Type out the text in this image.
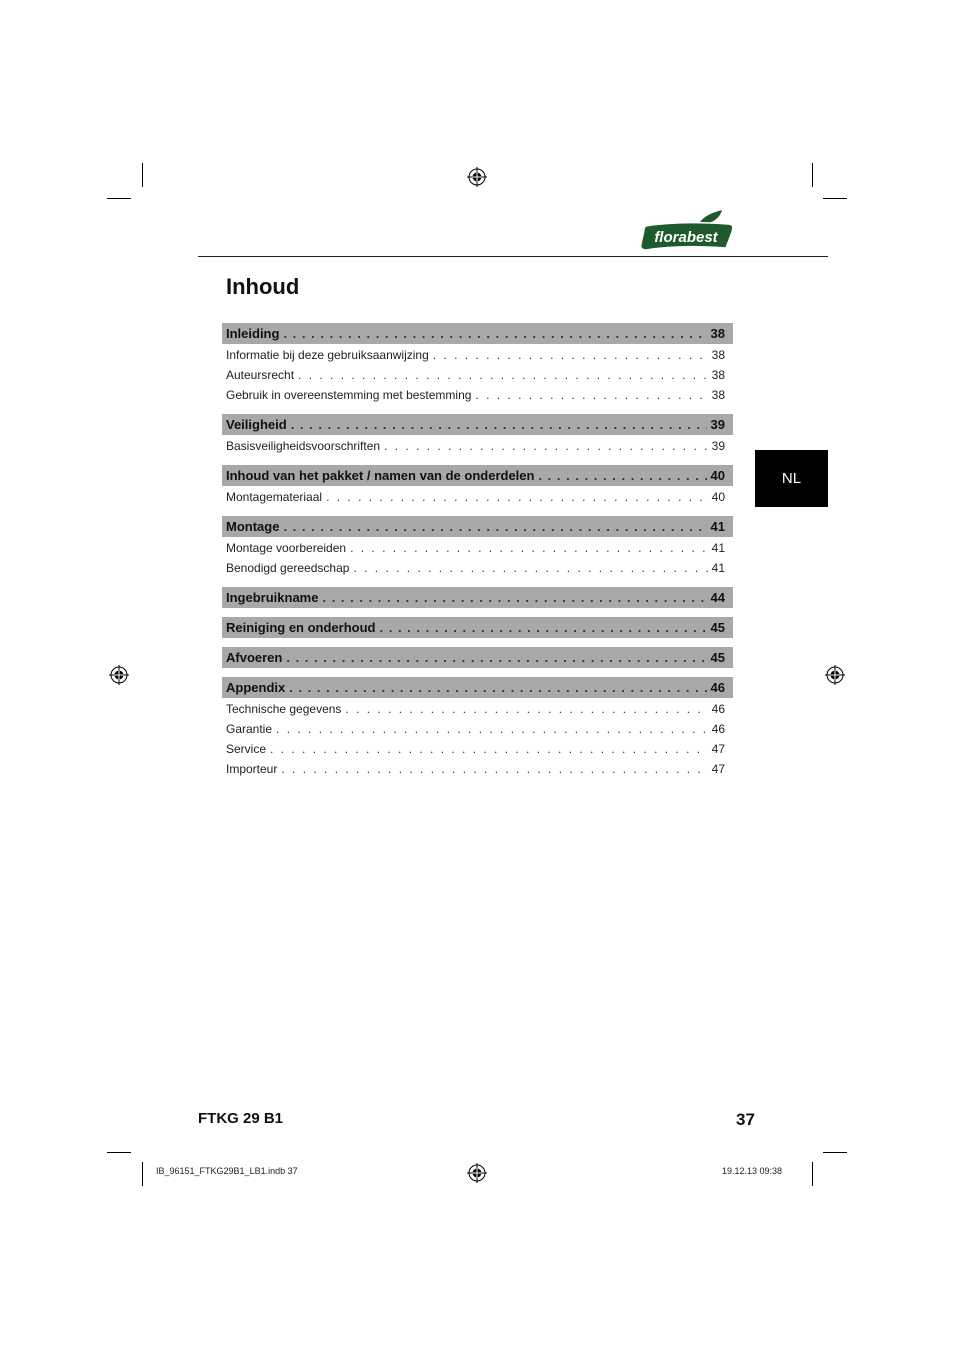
florabest
Inhoud
NL
Inleiding . . .	38
Informatie bij deze gebruiksaanwijzing . . .	38
Auteursrecht . . .	38
Gebruik in overeenstemming met bestemming . . .	38
Veiligheid . . .	39
Basisveiligheidsvoorschriften . . .	39
Inhoud van het pakket / namen van de onderdelen . . .	40
Montagemateriaal . . .	40
Montage . . .	41
Montage voorbereiden . . .	41
Benodigd gereedschap . . .	41
Ingebruikname . . .	44
Reiniging en onderhoud . . .	45
Afvoeren . . .	45
Appendix . . .	46
Technische gegevens . . .	46
Garantie . . .	46
Service . . .	47
Importeur . . .	47
FTKG 29 B1	37
IB_96151_FTKG29B1_LB1.indb 37	19.12.13 09:38
